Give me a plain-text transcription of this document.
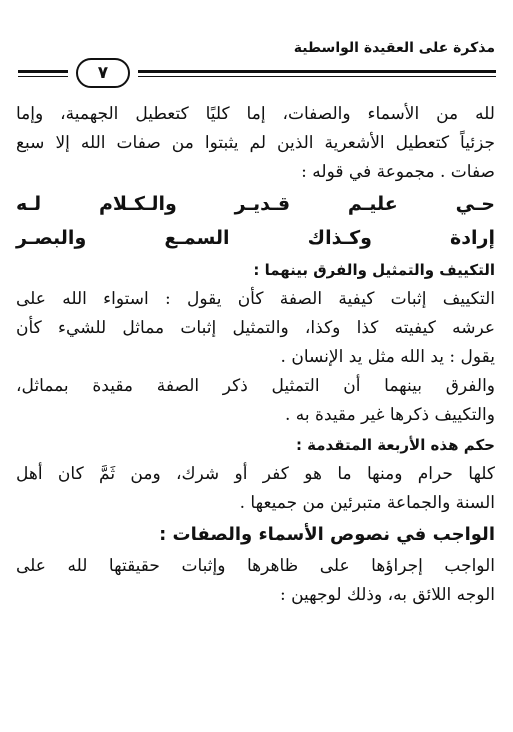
مذكرة على العقيدة الواسطية
٧
لله من الأسماء والصفات، إما كليًا كتعطيل الجهمية، وإما
جزئياً كتعطيل الأشعرية الذين لم يثبتوا من صفات الله إلا سبع
صفات . مجموعة في قوله :
حـي عليـم قـديـر والـكـلام لـه
إرادة وكـذاك السمـع والبصـر
التكييف والتمثيل والفرق بينهما :
التكييف إثبات كيفية الصفة كأن يقول : استواء الله على
عرشه كيفيته كذا وكذا، والتمثيل إثبات مماثل للشيء كأن
يقول : يد الله مثل يد الإنسان .
والفرق بينهما أن التمثيل ذكر الصفة مقيدة بمماثل،
والتكييف ذكرها غير مقيدة به .
حكم هذه الأربعة المتقدمة :
كلها حرام ومنها ما هو كفر أو شرك، ومن ثَمَّ كان أهل
السنة والجماعة متبرئين من جميعها .
الواجب في نصوص الأسماء والصفات :
الواجب إجراؤها على ظاهرها وإثبات حقيقتها لله على
الوجه اللائق به، وذلك لوجهين :
